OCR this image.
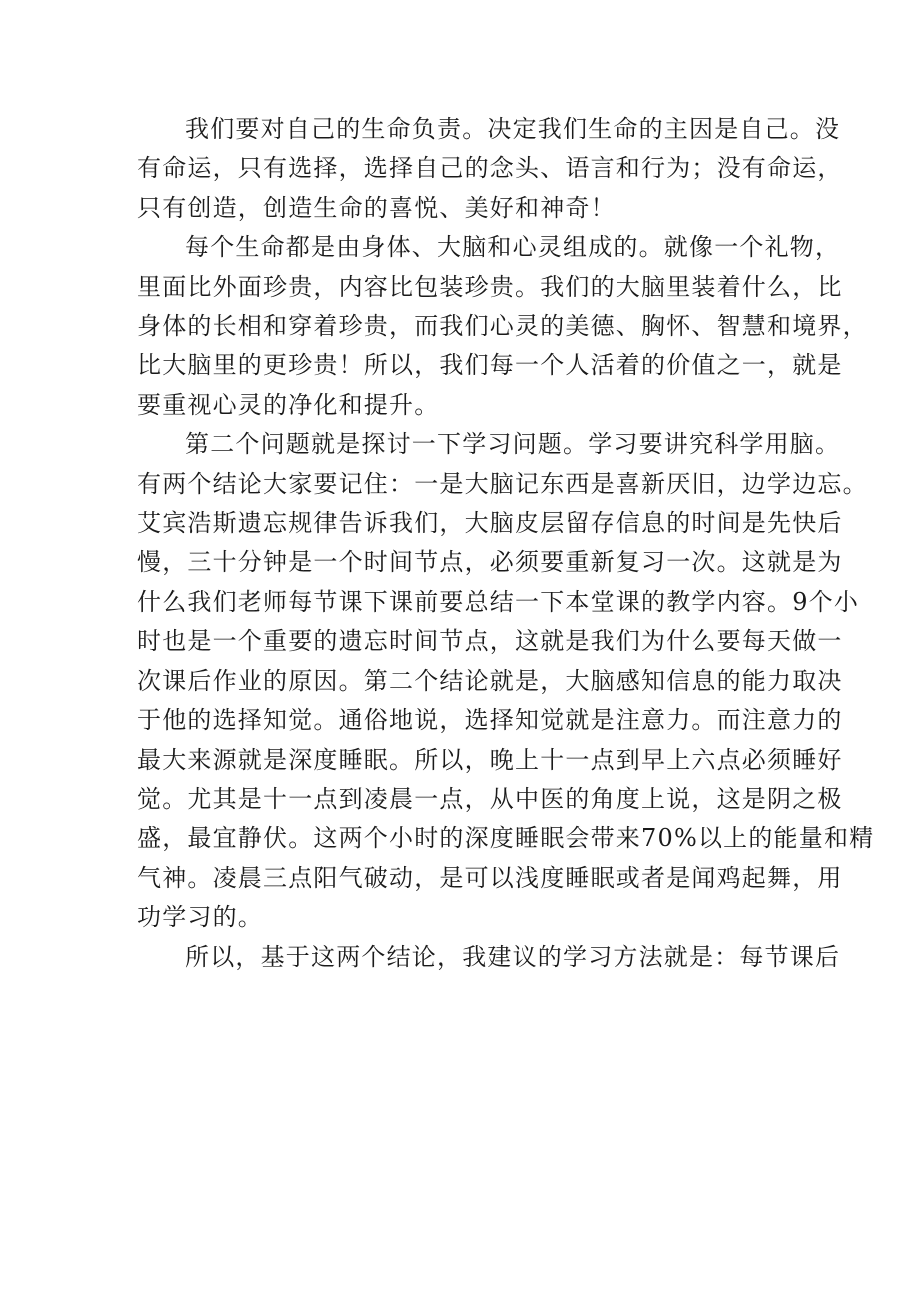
我们要对自己的生命负责。决定我们生命的主因是自己。没
有命运，只有选择，选择自己的念头、语言和行为；没有命运，
只有创造，创造生命的喜悦、美好和神奇！

每个生命都是由身体、大脑和心灵组成的。就像一个礼物，
里面比外面珍贵，内容比包装珍贵。我们的大脑里装着什么，比
身体的长相和穿着珍贵，而我们心灵的美德、胸怀、智慧和境界，
比大脑里的更珍贵！所以，我们每一个人活着的价值之一，就是
要重视心灵的净化和提升。

第二个问题就是探讨一下学习问题。学习要讲究科学用脑。
有两个结论大家要记住：一是大脑记东西是喜新厌旧，边学边忘。
艾宾浩斯遗忘规律告诉我们，大脑皮层留存信息的时间是先快后
慢，三十分钟是一个时间节点，必须要重新复习一次。这就是为
什么我们老师每节课下课前要总结一下本堂课的教学内容。9个小
时也是一个重要的遗忘时间节点，这就是我们为什么要每天做一
次课后作业的原因。第二个结论就是，大脑感知信息的能力取决
于他的选择知觉。通俗地说，选择知觉就是注意力。而注意力的
最大来源就是深度睡眠。所以，晚上十一点到早上六点必须睡好
觉。尤其是十一点到凌晨一点，从中医的角度上说，这是阴之极
盛，最宜静伏。这两个小时的深度睡眠会带来70%以上的能量和精
气神。凌晨三点阳气破动，是可以浅度睡眠或者是闻鸡起舞，用
功学习的。

所以，基于这两个结论，我建议的学习方法就是：每节课后
